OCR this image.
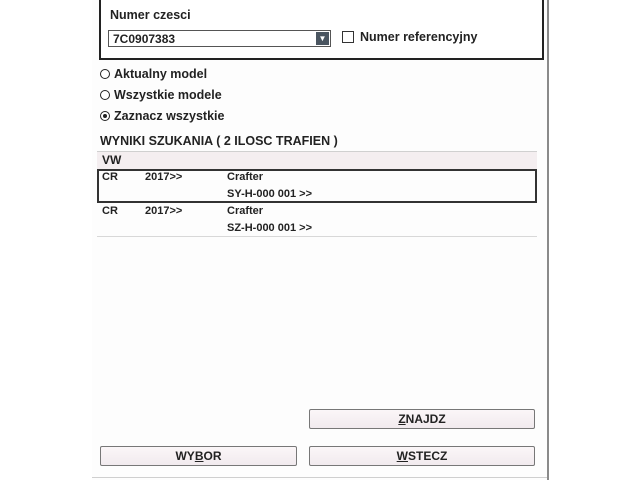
Numer czesci
7C0907383	▼	Numer referencyjny
Aktualny model
Wszystkie modele
Zaznacz wszystkie
WYNIKI SZUKANIA ( 2 ILOSC TRAFIEN )
VW
CR 2017>>	Crafter
SY-H-000 001 >>
CR 2017>>	Crafter
SZ-H-000 001 >>
Z NAJDZ
WY B OR	W STECZ
